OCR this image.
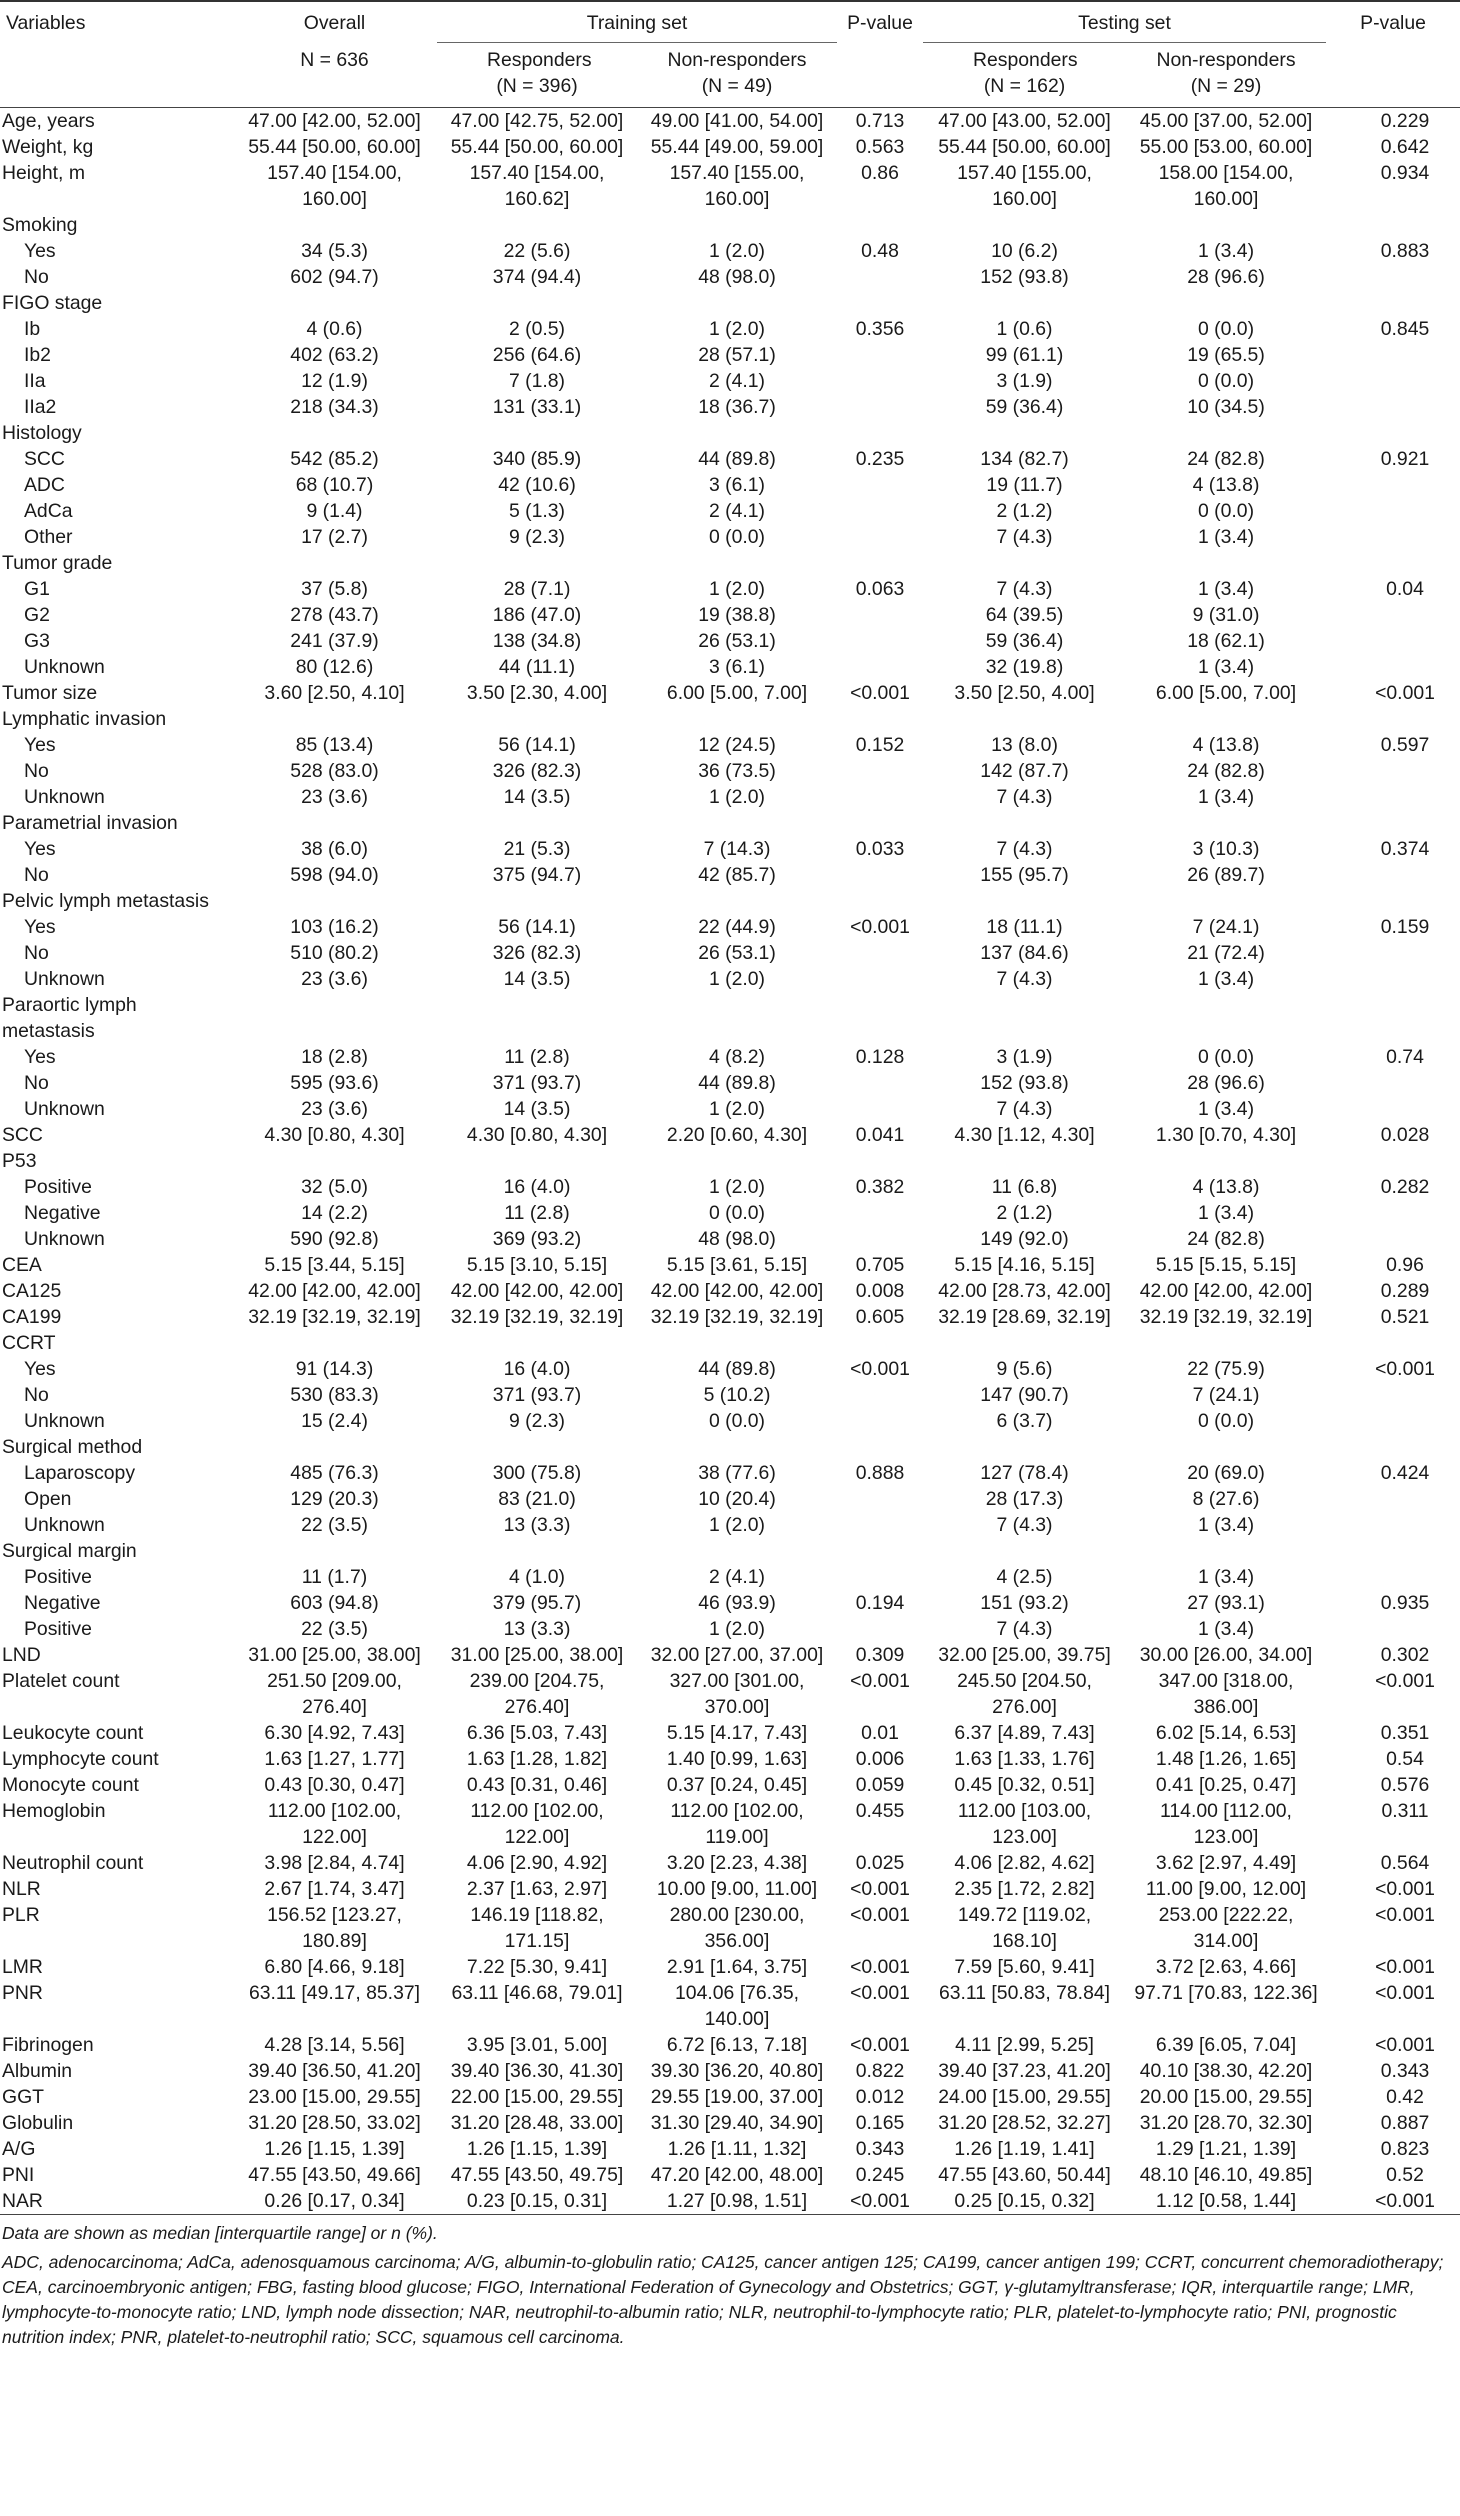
Variables	Overall	Training set		P-value	Testing set		P-value
	N = 636	Responders (N = 396)	Non-responders (N = 49)		Responders (N = 162)	Non-responders (N = 29)	
Age, years	47.00 [42.00, 52.00]	47.00 [42.75, 52.00]	49.00 [41.00, 54.00]	0.713	47.00 [43.00, 52.00]	45.00 [37.00, 52.00]	0.229
Weight, kg	55.44 [50.00, 60.00]	55.44 [50.00, 60.00]	55.44 [49.00, 59.00]	0.563	55.44 [50.00, 60.00]	55.00 [53.00, 60.00]	0.642
Height, m	157.40 [154.00, 160.00]	157.40 [154.00, 160.62]	157.40 [155.00, 160.00]	0.86	157.40 [155.00, 160.00]	158.00 [154.00, 160.00]	0.934
Smoking							
Yes	34 (5.3)	22 (5.6)	1 (2.0)	0.48	10 (6.2)	1 (3.4)	0.883
No	602 (94.7)	374 (94.4)	48 (98.0)		152 (93.8)	28 (96.6)	
FIGO stage							
Ib	4 (0.6)	2 (0.5)	1 (2.0)	0.356	1 (0.6)	0 (0.0)	0.845
Ib2	402 (63.2)	256 (64.6)	28 (57.1)		99 (61.1)	19 (65.5)	
IIa	12 (1.9)	7 (1.8)	2 (4.1)		3 (1.9)	0 (0.0)	
IIa2	218 (34.3)	131 (33.1)	18 (36.7)		59 (36.4)	10 (34.5)	
Histology							
SCC	542 (85.2)	340 (85.9)	44 (89.8)	0.235	134 (82.7)	24 (82.8)	0.921
ADC	68 (10.7)	42 (10.6)	3 (6.1)		19 (11.7)	4 (13.8)	
AdCa	9 (1.4)	5 (1.3)	2 (4.1)		2 (1.2)	0 (0.0)	
Other	17 (2.7)	9 (2.3)	0 (0.0)		7 (4.3)	1 (3.4)	
Tumor grade							
G1	37 (5.8)	28 (7.1)	1 (2.0)	0.063	7 (4.3)	1 (3.4)	0.04
G2	278 (43.7)	186 (47.0)	19 (38.8)		64 (39.5)	9 (31.0)	
G3	241 (37.9)	138 (34.8)	26 (53.1)		59 (36.4)	18 (62.1)	
Unknown	80 (12.6)	44 (11.1)	3 (6.1)		32 (19.8)	1 (3.4)	
Tumor size	3.60 [2.50, 4.10]	3.50 [2.30, 4.00]	6.00 [5.00, 7.00]	<0.001	3.50 [2.50, 4.00]	6.00 [5.00, 7.00]	<0.001
Lymphatic invasion							
Yes	85 (13.4)	56 (14.1)	12 (24.5)	0.152	13 (8.0)	4 (13.8)	0.597
No	528 (83.0)	326 (82.3)	36 (73.5)		142 (87.7)	24 (82.8)	
Unknown	23 (3.6)	14 (3.5)	1 (2.0)		7 (4.3)	1 (3.4)	
Parametrial invasion							
Yes	38 (6.0)	21 (5.3)	7 (14.3)	0.033	7 (4.3)	3 (10.3)	0.374
No	598 (94.0)	375 (94.7)	42 (85.7)		155 (95.7)	26 (89.7)	
Pelvic lymph metastasis							
Yes	103 (16.2)	56 (14.1)	22 (44.9)	<0.001	18 (11.1)	7 (24.1)	0.159
No	510 (80.2)	326 (82.3)	26 (53.1)		137 (84.6)	21 (72.4)	
Unknown	23 (3.6)	14 (3.5)	1 (2.0)		7 (4.3)	1 (3.4)	
Paraortic lymph metastasis							
Yes	18 (2.8)	11 (2.8)	4 (8.2)	0.128	3 (1.9)	0 (0.0)	0.74
No	595 (93.6)	371 (93.7)	44 (89.8)		152 (93.8)	28 (96.6)	
Unknown	23 (3.6)	14 (3.5)	1 (2.0)		7 (4.3)	1 (3.4)	
SCC	4.30 [0.80, 4.30]	4.30 [0.80, 4.30]	2.20 [0.60, 4.30]	0.041	4.30 [1.12, 4.30]	1.30 [0.70, 4.30]	0.028
P53							
Positive	32 (5.0)	16 (4.0)	1 (2.0)	0.382	11 (6.8)	4 (13.8)	0.282
Negative	14 (2.2)	11 (2.8)	0 (0.0)		2 (1.2)	1 (3.4)	
Unknown	590 (92.8)	369 (93.2)	48 (98.0)		149 (92.0)	24 (82.8)	
CEA	5.15 [3.44, 5.15]	5.15 [3.10, 5.15]	5.15 [3.61, 5.15]	0.705	5.15 [4.16, 5.15]	5.15 [5.15, 5.15]	0.96
CA125	42.00 [42.00, 42.00]	42.00 [42.00, 42.00]	42.00 [42.00, 42.00]	0.008	42.00 [28.73, 42.00]	42.00 [42.00, 42.00]	0.289
CA199	32.19 [32.19, 32.19]	32.19 [32.19, 32.19]	32.19 [32.19, 32.19]	0.605	32.19 [28.69, 32.19]	32.19 [32.19, 32.19]	0.521
CCRT							
Yes	91 (14.3)	16 (4.0)	44 (89.8)	<0.001	9 (5.6)	22 (75.9)	<0.001
No	530 (83.3)	371 (93.7)	5 (10.2)		147 (90.7)	7 (24.1)	
Unknown	15 (2.4)	9 (2.3)	0 (0.0)		6 (3.7)	0 (0.0)	
Surgical method							
Laparoscopy	485 (76.3)	300 (75.8)	38 (77.6)	0.888	127 (78.4)	20 (69.0)	0.424
Open	129 (20.3)	83 (21.0)	10 (20.4)		28 (17.3)	8 (27.6)	
Unknown	22 (3.5)	13 (3.3)	1 (2.0)		7 (4.3)	1 (3.4)	
Surgical margin							
Positive	11 (1.7)	4 (1.0)	2 (4.1)		4 (2.5)	1 (3.4)	
Negative	603 (94.8)	379 (95.7)	46 (93.9)	0.194	151 (93.2)	27 (93.1)	0.935
Positive	22 (3.5)	13 (3.3)	1 (2.0)		7 (4.3)	1 (3.4)	
LND	31.00 [25.00, 38.00]	31.00 [25.00, 38.00]	32.00 [27.00, 37.00]	0.309	32.00 [25.00, 39.75]	30.00 [26.00, 34.00]	0.302
Platelet count	251.50 [209.00, 276.40]	239.00 [204.75, 276.40]	327.00 [301.00, 370.00]	<0.001	245.50 [204.50, 276.00]	347.00 [318.00, 386.00]	<0.001
Leukocyte count	6.30 [4.92, 7.43]	6.36 [5.03, 7.43]	5.15 [4.17, 7.43]	0.01	6.37 [4.89, 7.43]	6.02 [5.14, 6.53]	0.351
Lymphocyte count	1.63 [1.27, 1.77]	1.63 [1.28, 1.82]	1.40 [0.99, 1.63]	0.006	1.63 [1.33, 1.76]	1.48 [1.26, 1.65]	0.54
Monocyte count	0.43 [0.30, 0.47]	0.43 [0.31, 0.46]	0.37 [0.24, 0.45]	0.059	0.45 [0.32, 0.51]	0.41 [0.25, 0.47]	0.576
Hemoglobin	112.00 [102.00, 122.00]	112.00 [102.00, 122.00]	112.00 [102.00, 119.00]	0.455	112.00 [103.00, 123.00]	114.00 [112.00, 123.00]	0.311
Neutrophil count	3.98 [2.84, 4.74]	4.06 [2.90, 4.92]	3.20 [2.23, 4.38]	0.025	4.06 [2.82, 4.62]	3.62 [2.97, 4.49]	0.564
NLR	2.67 [1.74, 3.47]	2.37 [1.63, 2.97]	10.00 [9.00, 11.00]	<0.001	2.35 [1.72, 2.82]	11.00 [9.00, 12.00]	<0.001
PLR	156.52 [123.27, 180.89]	146.19 [118.82, 171.15]	280.00 [230.00, 356.00]	<0.001	149.72 [119.02, 168.10]	253.00 [222.22, 314.00]	<0.001
LMR	6.80 [4.66, 9.18]	7.22 [5.30, 9.41]	2.91 [1.64, 3.75]	<0.001	7.59 [5.60, 9.41]	3.72 [2.63, 4.66]	<0.001
PNR	63.11 [49.17, 85.37]	63.11 [46.68, 79.01]	104.06 [76.35, 140.00]	<0.001	63.11 [50.83, 78.84]	97.71 [70.83, 122.36]	<0.001
Fibrinogen	4.28 [3.14, 5.56]	3.95 [3.01, 5.00]	6.72 [6.13, 7.18]	<0.001	4.11 [2.99, 5.25]	6.39 [6.05, 7.04]	<0.001
Albumin	39.40 [36.50, 41.20]	39.40 [36.30, 41.30]	39.30 [36.20, 40.80]	0.822	39.40 [37.23, 41.20]	40.10 [38.30, 42.20]	0.343
GGT	23.00 [15.00, 29.55]	22.00 [15.00, 29.55]	29.55 [19.00, 37.00]	0.012	24.00 [15.00, 29.55]	20.00 [15.00, 29.55]	0.42
Globulin	31.20 [28.50, 33.02]	31.20 [28.48, 33.00]	31.30 [29.40, 34.90]	0.165	31.20 [28.52, 32.27]	31.20 [28.70, 32.30]	0.887
A/G	1.26 [1.15, 1.39]	1.26 [1.15, 1.39]	1.26 [1.11, 1.32]	0.343	1.26 [1.19, 1.41]	1.29 [1.21, 1.39]	0.823
PNI	47.55 [43.50, 49.66]	47.55 [43.50, 49.75]	47.20 [42.00, 48.00]	0.245	47.55 [43.60, 50.44]	48.10 [46.10, 49.85]	0.52
NAR	0.26 [0.17, 0.34]	0.23 [0.15, 0.31]	1.27 [0.98, 1.51]	<0.001	0.25 [0.15, 0.32]	1.12 [0.58, 1.44]	<0.001

Data are shown as median [interquartile range] or n (%).

ADC, adenocarcinoma; AdCa, adenosquamous carcinoma; A/G, albumin-to-globulin ratio; CA125, cancer antigen 125; CA199, cancer antigen 199; CCRT, concurrent chemoradiotherapy; CEA, carcinoembryonic antigen; FBG, fasting blood glucose; FIGO, International Federation of Gynecology and Obstetrics; GGT, γ-glutamyltransferase; IQR, interquartile range; LMR, lymphocyte-to-monocyte ratio; LND, lymph node dissection; NAR, neutrophil-to-albumin ratio; NLR, neutrophil-to-lymphocyte ratio; PLR, platelet-to-lymphocyte ratio; PNI, prognostic nutrition index; PNR, platelet-to-neutrophil ratio; SCC, squamous cell carcinoma.
